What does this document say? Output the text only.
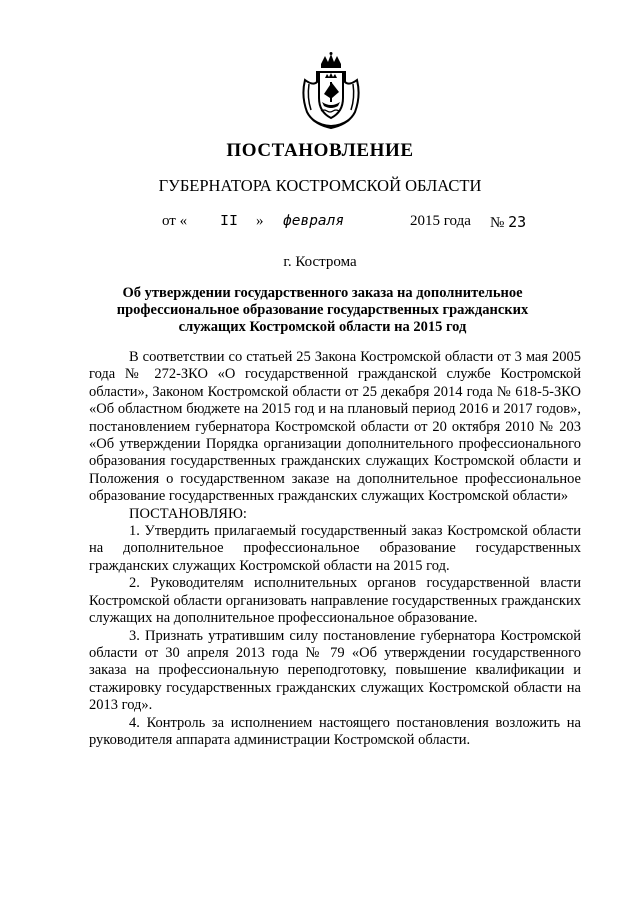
ПОСТАНОВЛЕНИЕ
ГУБЕРНАТОРА КОСТРОМСКОЙ ОБЛАСТИ
от « II » февраля	2015 года № 23
г. Кострома
Об утверждении государственного заказа на дополнительное профессиональное образование государственных гражданских служащих Костромской области на 2015 год

В соответствии со статьей 25 Закона Костромской области от 3 мая 2005 года № 272-ЗКО «О государственной гражданской службе Костромской области», Законом Костромской области от 25 декабря 2014 года № 618-5-ЗКО «Об областном бюджете на 2015 год и на плановый период 2016 и 2017 годов», постановлением губернатора Костромской области от 20 октября 2010 № 203 «Об утверждении Порядка организации дополнительного профессионального образования государственных гражданских служащих Костромской области и Положения о государственном заказе на дополнительное профессиональное образование государственных гражданских служащих Костромской области»

ПОСТАНОВЛЯЮ:

1. Утвердить прилагаемый государственный заказ Костромской области на дополнительное профессиональное образование государственных гражданских служащих Костромской области на 2015 год.

2. Руководителям исполнительных органов государственной власти Костромской области организовать направление государственных гражданских служащих на дополнительное профессиональное образование.

3. Признать утратившим силу постановление губернатора Костромской области от 30 апреля 2013 года № 79 «Об утверждении государственного заказа на профессиональную переподготовку, повышение квалификации и стажировку государственных гражданских служащих Костромской области на 2013 год».

4. Контроль за исполнением настоящего постановления возложить на руководителя аппарата администрации Костромской области.
